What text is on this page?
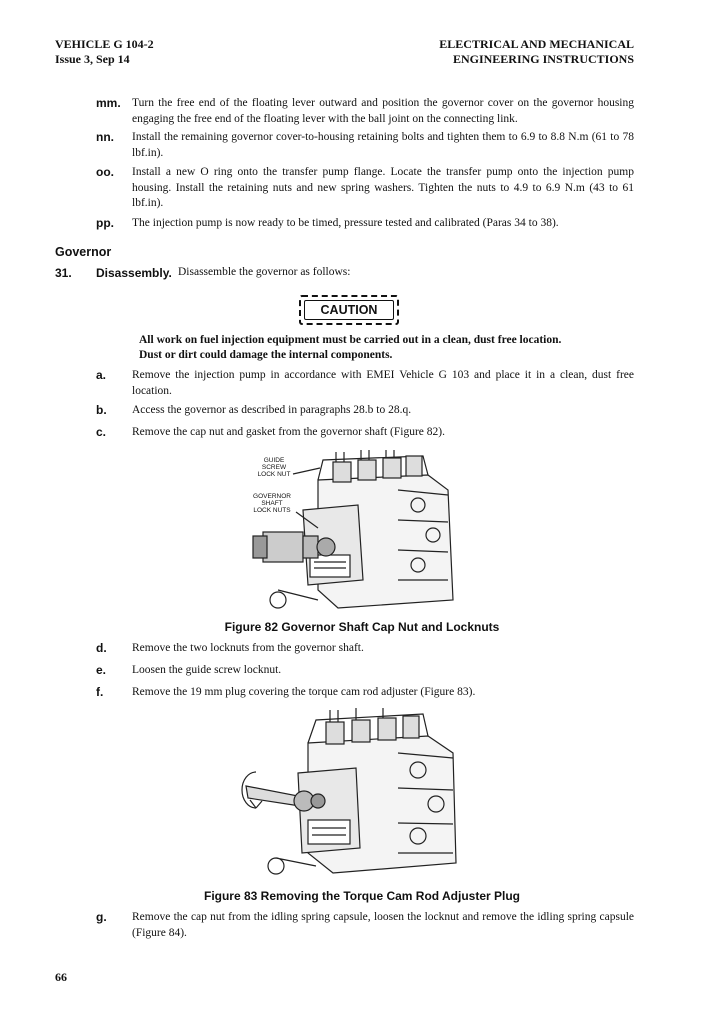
VEHICLE G 104-2
Issue 3, Sep 14
ELECTRICAL AND MECHANICAL
ENGINEERING INSTRUCTIONS
mm. Turn the free end of the floating lever outward and position the governor cover on the governor housing engaging the free end of the floating lever with the ball joint on the connecting link.
nn. Install the remaining governor cover-to-housing retaining bolts and tighten them to 6.9 to 8.8 N.m (61 to 78 lbf.in).
oo. Install a new O ring onto the transfer pump flange. Locate the transfer pump onto the injection pump housing. Install the retaining nuts and new spring washers. Tighten the nuts to 4.9 to 6.9 N.m (43 to 61 lbf.in).
pp. The injection pump is now ready to be timed, pressure tested and calibrated (Paras 34 to 38).
Governor
31. Disassembly. Disassemble the governor as follows:
CAUTION
All work on fuel injection equipment must be carried out in a clean, dust free location. Dust or dirt could damage the internal components.
a. Remove the injection pump in accordance with EMEI Vehicle G 103 and place it in a clean, dust free location.
b. Access the governor as described in paragraphs 28.b to 28.q.
c. Remove the cap nut and gasket from the governor shaft (Figure 82).
GUIDE
SCREW
LOCK NUT
GOVERNOR
SHAFT
LOCK NUTS
Figure 82 Governor Shaft Cap Nut and Locknuts
d. Remove the two locknuts from the governor shaft.
e. Loosen the guide screw locknut.
f. Remove the 19 mm plug covering the torque cam rod adjuster (Figure 83).
Figure 83 Removing the Torque Cam Rod Adjuster Plug
g. Remove the cap nut from the idling spring capsule, loosen the locknut and remove the idling spring capsule (Figure 84).
66
